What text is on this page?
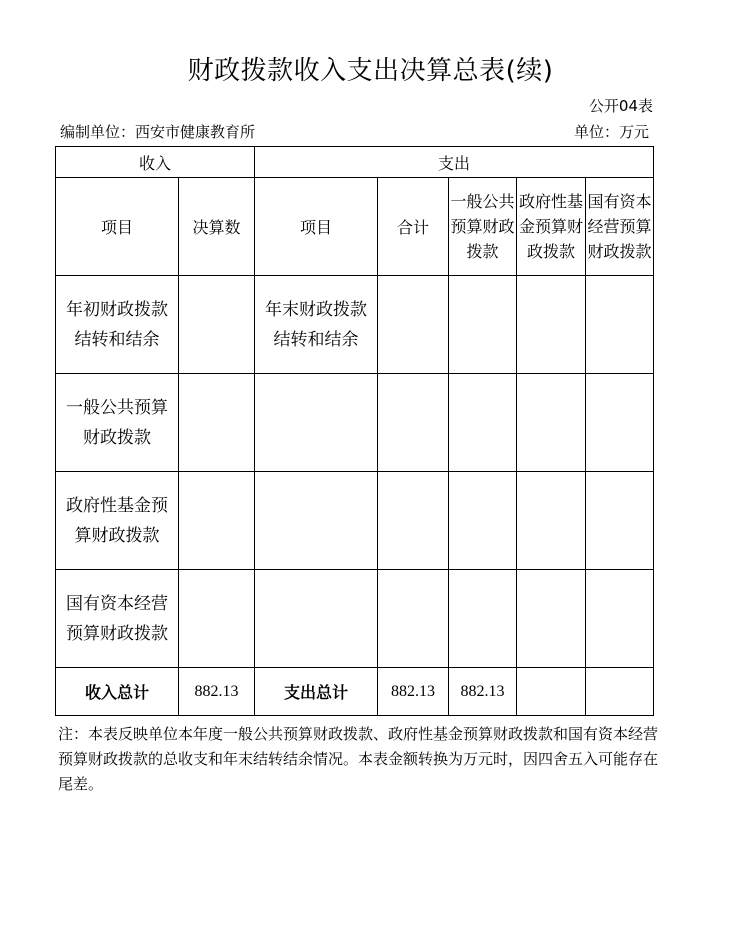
财政拨款收入支出决算总表(续)
公开04表
编制单位：西安市健康教育所	单位：万元
收入		支出				
项目	决算数	项目	合计	一般公共预算财政拨款	政府性基金预算财政拨款	国有资本经营预算财政拨款

年初财政拨款结转和结余		年末财政拨款结转和结余				

一般公共预算财政拨款						

政府性基金预算财政拨款						

国有资本经营预算财政拨款						

收入总计	882.13	支出总计	882.13	882.13		
注：本表反映单位本年度一般公共预算财政拨款、政府性基金预算财政拨款和国有资本经营预算财政拨款的总收支和年末结转结余情况。本表金额转换为万元时，因四舍五入可能存在尾差。
